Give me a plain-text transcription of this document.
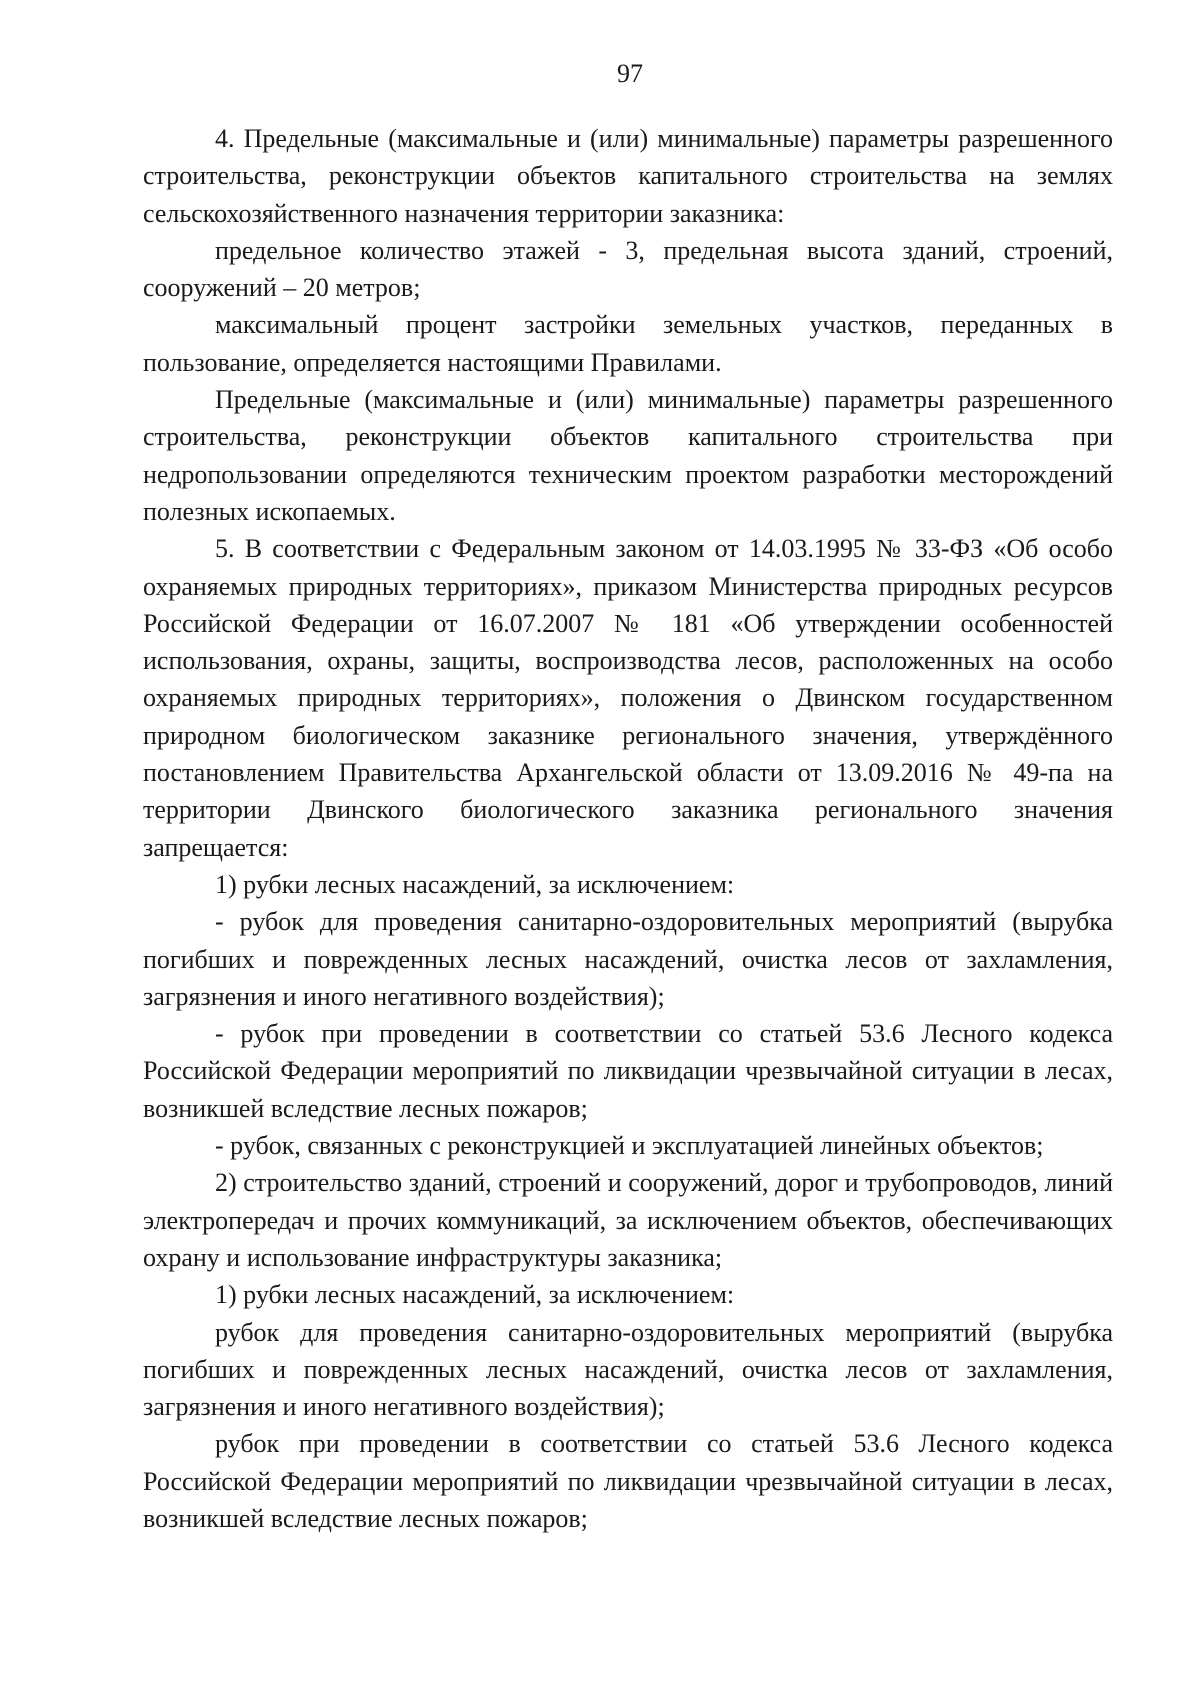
97

4. Предельные (максимальные и (или) минимальные) параметры разрешенного строительства, реконструкции объектов капитального строительства на землях сельскохозяйственного назначения территории заказника:

предельное количество этажей - 3, предельная высота зданий, строений, сооружений – 20 метров;

максимальный процент застройки земельных участков, переданных в пользование, определяется настоящими Правилами.

Предельные (максимальные и (или) минимальные) параметры разрешенного строительства, реконструкции объектов капитального строительства при недропользовании определяются техническим проектом разработки месторождений полезных ископаемых.

5. В соответствии с Федеральным законом от 14.03.1995 № 33-ФЗ «Об особо охраняемых природных территориях», приказом Министерства природных ресурсов Российской Федерации от 16.07.2007 № 181 «Об утверждении особенностей использования, охраны, защиты, воспроизводства лесов, расположенных на особо охраняемых природных территориях», положения о Двинском государственном природном биологическом заказнике регионального значения, утверждённого постановлением Правительства Архангельской области от 13.09.2016 № 49-па на территории Двинского биологического заказника регионального значения запрещается:

1) рубки лесных насаждений, за исключением:

- рубок для проведения санитарно-оздоровительных мероприятий (вырубка погибших и поврежденных лесных насаждений, очистка лесов от захламления, загрязнения и иного негативного воздействия);

- рубок при проведении в соответствии со статьей 53.6 Лесного кодекса Российской Федерации мероприятий по ликвидации чрезвычайной ситуации в лесах, возникшей вследствие лесных пожаров;

- рубок, связанных с реконструкцией и эксплуатацией линейных объектов;

2) строительство зданий, строений и сооружений, дорог и трубопроводов, линий электропередач и прочих коммуникаций, за исключением объектов, обеспечивающих охрану и использование инфраструктуры заказника;

1) рубки лесных насаждений, за исключением:

рубок для проведения санитарно-оздоровительных мероприятий (вырубка погибших и поврежденных лесных насаждений, очистка лесов от захламления, загрязнения и иного негативного воздействия);

рубок при проведении в соответствии со статьей 53.6 Лесного кодекса Российской Федерации мероприятий по ликвидации чрезвычайной ситуации в лесах, возникшей вследствие лесных пожаров;
